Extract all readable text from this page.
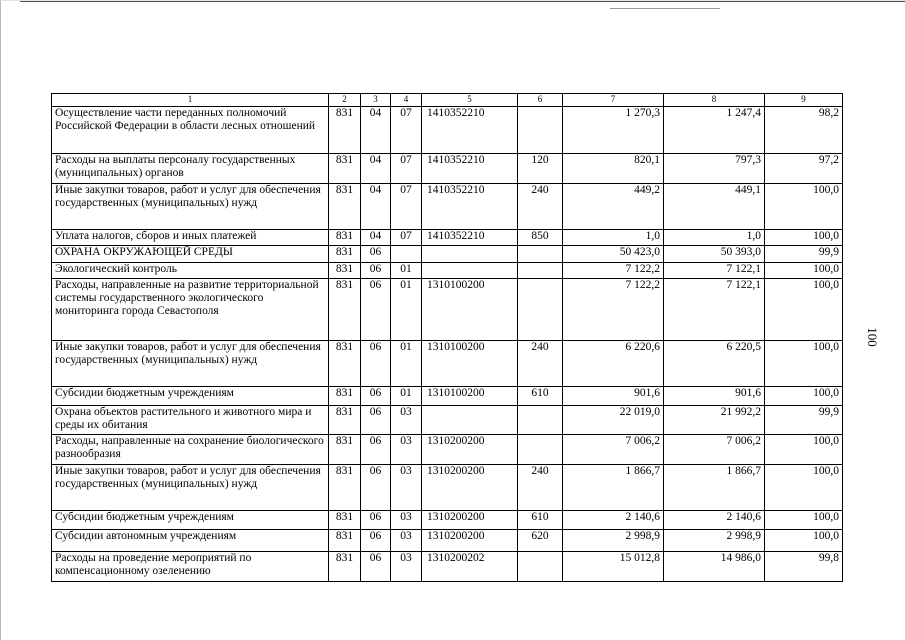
100
1	2	3	4	5	6	7	8	9
Осуществление части переданных полномочий Российской Федерации в области лесных отношений	831	04	07	1410352210		1 270,3	1 247,4	98,2
Расходы на выплаты персоналу государственных (муниципальных) органов	831	04	07	1410352210	120	820,1	797,3	97,2
Иные закупки товаров, работ и услуг для обеспечения государственных (муниципальных) нужд	831	04	07	1410352210	240	449,2	449,1	100,0
Уплата налогов, сборов и иных платежей	831	04	07	1410352210	850	1,0	1,0	100,0
ОХРАНА ОКРУЖАЮЩЕЙ СРЕДЫ	831	06				50 423,0	50 393,0	99,9
Экологический контроль	831	06	01			7 122,2	7 122,1	100,0
Расходы, направленные на развитие территориальной системы государственного экологического мониторинга города Севастополя	831	06	01	1310100200		7 122,2	7 122,1	100,0
Иные закупки товаров, работ и услуг для обеспечения государственных (муниципальных) нужд	831	06	01	1310100200	240	6 220,6	6 220,5	100,0
Субсидии бюджетным учреждениям	831	06	01	1310100200	610	901,6	901,6	100,0
Охрана объектов растительного и животного мира и среды их обитания	831	06	03			22 019,0	21 992,2	99,9
Расходы, направленные на сохранение биологического разнообразия	831	06	03	1310200200		7 006,2	7 006,2	100,0
Иные закупки товаров, работ и услуг для обеспечения государственных (муниципальных) нужд	831	06	03	1310200200	240	1 866,7	1 866,7	100,0
Субсидии бюджетным учреждениям	831	06	03	1310200200	610	2 140,6	2 140,6	100,0
Субсидии автономным учреждениям	831	06	03	1310200200	620	2 998,9	2 998,9	100,0
Расходы на проведение мероприятий по компенсационному озеленению	831	06	03	1310200202		15 012,8	14 986,0	99,8
